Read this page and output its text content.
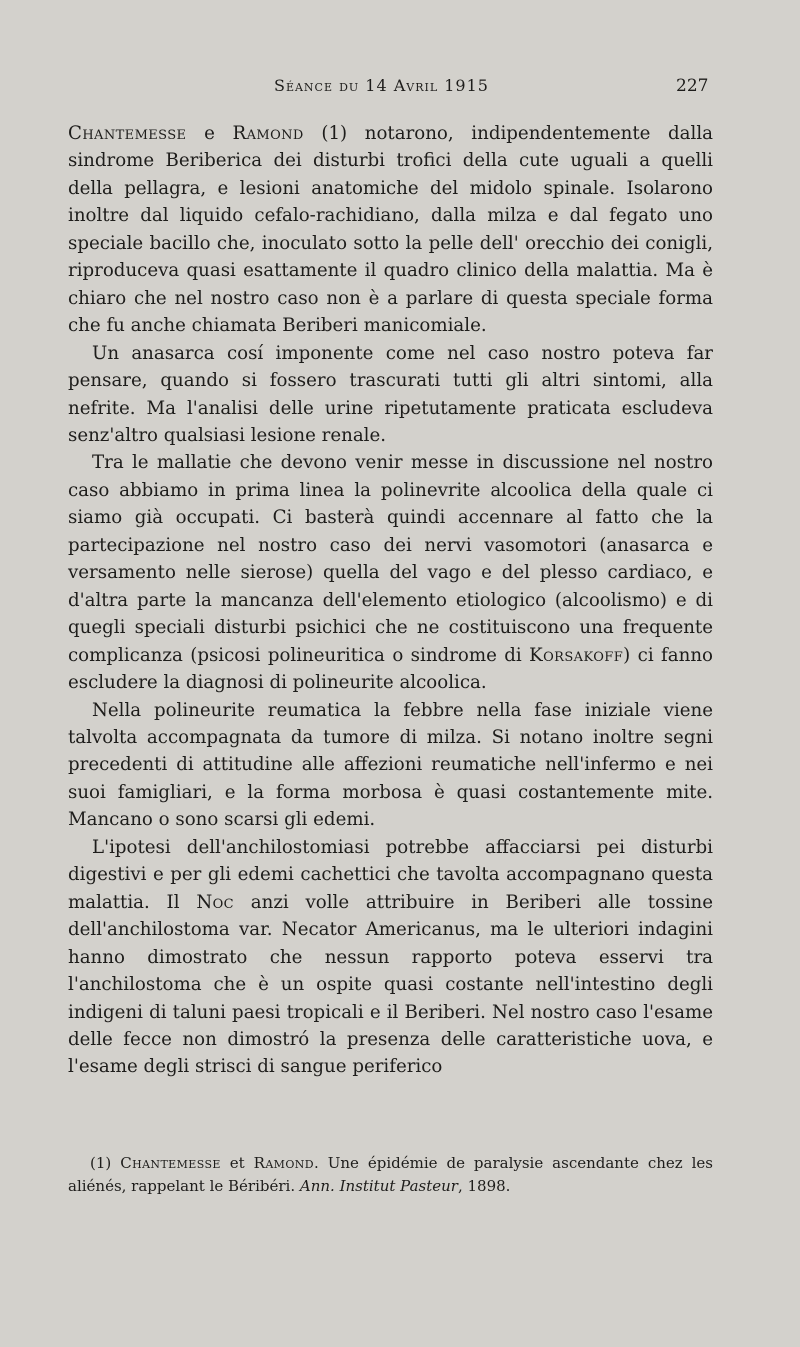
Séance du 14 Avril 1915	227

Chantemesse e Ramond (1) notarono, indipendentemente dalla sindrome Beriberica dei disturbi trofici della cute uguali a quelli della pellagra, e lesioni anatomiche del midolo spinale. Isolarono inoltre dal liquido cefalo-rachidiano, dalla milza e dal fegato uno speciale bacillo che, inoculato sotto la pelle dell' orecchio dei conigli, riproduceva quasi esattamente il quadro clinico della malattia. Ma è chiaro che nel nostro caso non è a parlare di questa speciale forma che fu anche chiamata Beriberi manicomiale.

Un anasarca cosí imponente come nel caso nostro poteva far pensare, quando si fossero trascurati tutti gli altri sintomi, alla nefrite. Ma l'analisi delle urine ripetutamente praticata escludeva senz'altro qualsiasi lesione renale.

Tra le mallatie che devono venir messe in discussione nel nostro caso abbiamo in prima linea la polinevrite alcoolica della quale ci siamo già occupati. Ci basterà quindi accennare al fatto che la partecipazione nel nostro caso dei nervi vasomotori (anasarca e versamento nelle sierose) quella del vago e del plesso cardiaco, e d'altra parte la mancanza dell'elemento etiologico (alcoolismo) e di quegli speciali disturbi psichici che ne costituiscono una frequente complicanza (psicosi polineuritica o sindrome di Korsakoff) ci fanno escludere la diagnosi di polineurite alcoolica.

Nella polineurite reumatica la febbre nella fase iniziale viene talvolta accompagnata da tumore di milza. Si notano inoltre segni precedenti di attitudine alle affezioni reumatiche nell'infermo e nei suoi famigliari, e la forma morbosa è quasi costantemente mite. Mancano o sono scarsi gli edemi.

L'ipotesi dell'anchilostomiasi potrebbe affacciarsi pei disturbi digestivi e per gli edemi cachettici che tavolta accompagnano questa malattia. Il Noc anzi volle attribuire in Beriberi alle tossine dell'anchilostoma var. Necator Americanus, ma le ulteriori indagini hanno dimostrato che nessun rapporto poteva esservi tra l'anchilostoma che è un ospite quasi costante nell'intestino degli indigeni di taluni paesi tropicali e il Beriberi. Nel nostro caso l'esame delle fecce non dimostró la presenza delle caratteristiche uova, e l'esame degli strisci di sangue periferico

(1) Chantemesse et Ramond. Une épidémie de paralysie ascendante chez les aliénés, rappelant le Béribéri. Ann. Institut Pasteur, 1898.
